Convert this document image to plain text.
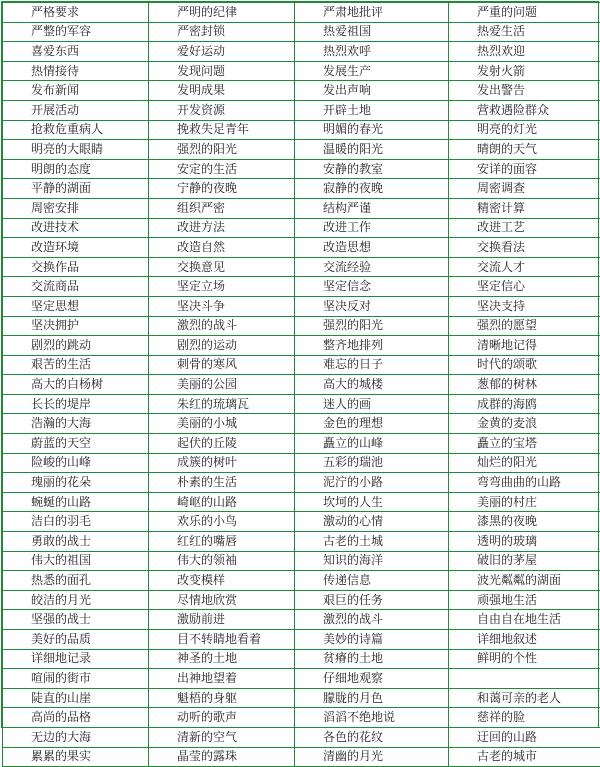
严格要求	严明的纪律	严肃地批评	严重的问题
严整的军容	严密封锁	热爱祖国	热爱生活
喜爱东西	爱好运动	热烈欢呼	热烈欢迎
热情接待	发现问题	发展生产	发射火箭
发布新闻	发明成果	发出声响	发出警告
开展活动	开发资源	开辟土地	营救遇险群众
抢救危重病人	挽救失足青年	明媚的春光	明亮的灯光
明亮的大眼睛	强烈的阳光	温暖的阳光	晴朗的天气
明朗的态度	安定的生活	安静的教室	安详的面容
平静的湖面	宁静的夜晚	寂静的夜晚	周密调查
周密安排	组织严密	结构严谨	精密计算
改进技术	改进方法	改进工作	改进工艺
改造环境	改造自然	改造思想	交换看法
交换作品	交换意见	交流经验	交流人才
交流商品	坚定立场	坚定信念	坚定信心
坚定思想	坚决斗争	坚决反对	坚决支持
坚决拥护	激烈的战斗	强烈的阳光	强烈的愿望
剧烈的跳动	剧烈的运动	整齐地排列	清晰地记得
艰苦的生活	刺骨的寒风	难忘的日子	时代的颂歌
高大的白杨树	美丽的公园	高大的城楼	葱郁的树林
长长的堤岸	朱红的琉璃瓦	迷人的画	成群的海鸥
浩瀚的大海	美丽的小城	金色的理想	金黄的麦浪
蔚蓝的天空	起伏的丘陵	矗立的山峰	矗立的宝塔
险峻的山峰	成簇的树叶	五彩的瑞池	灿烂的阳光
瑰丽的花朵	朴素的生活	泥泞的小路	弯弯曲曲的山路
蜿蜒的山路	崎岖的山路	坎坷的人生	美丽的村庄
洁白的羽毛	欢乐的小鸟	激动的心情	漆黑的夜晚
勇敢的战士	红红的嘴唇	古老的土城	透明的玻璃
伟大的祖国	伟大的领袖	知识的海洋	破旧的茅屋
热悉的面孔	改变模样	传递信息	波光粼粼的湖面
皎洁的月光	尽情地欣赏	艰巨的任务	顽强地生活
坚强的战士	激励前进	激烈的战斗	自由自在地生活
美好的品质	目不转睛地看着	美妙的诗篇	详细地叙述
详细地记录	神圣的土地	贫瘠的土地	鲜明的个性
喧闹的街市	出神地望着	仔细地观察	
陡直的山崖	魁梧的身躯	朦胧的月色	和蔼可亲的老人
高尚的品格	动听的歌声	滔滔不绝地说	慈祥的脸
无边的大海	清新的空气	各色的花纹	迂回的山路
累累的果实	晶莹的露珠	清幽的月光	古老的城市
